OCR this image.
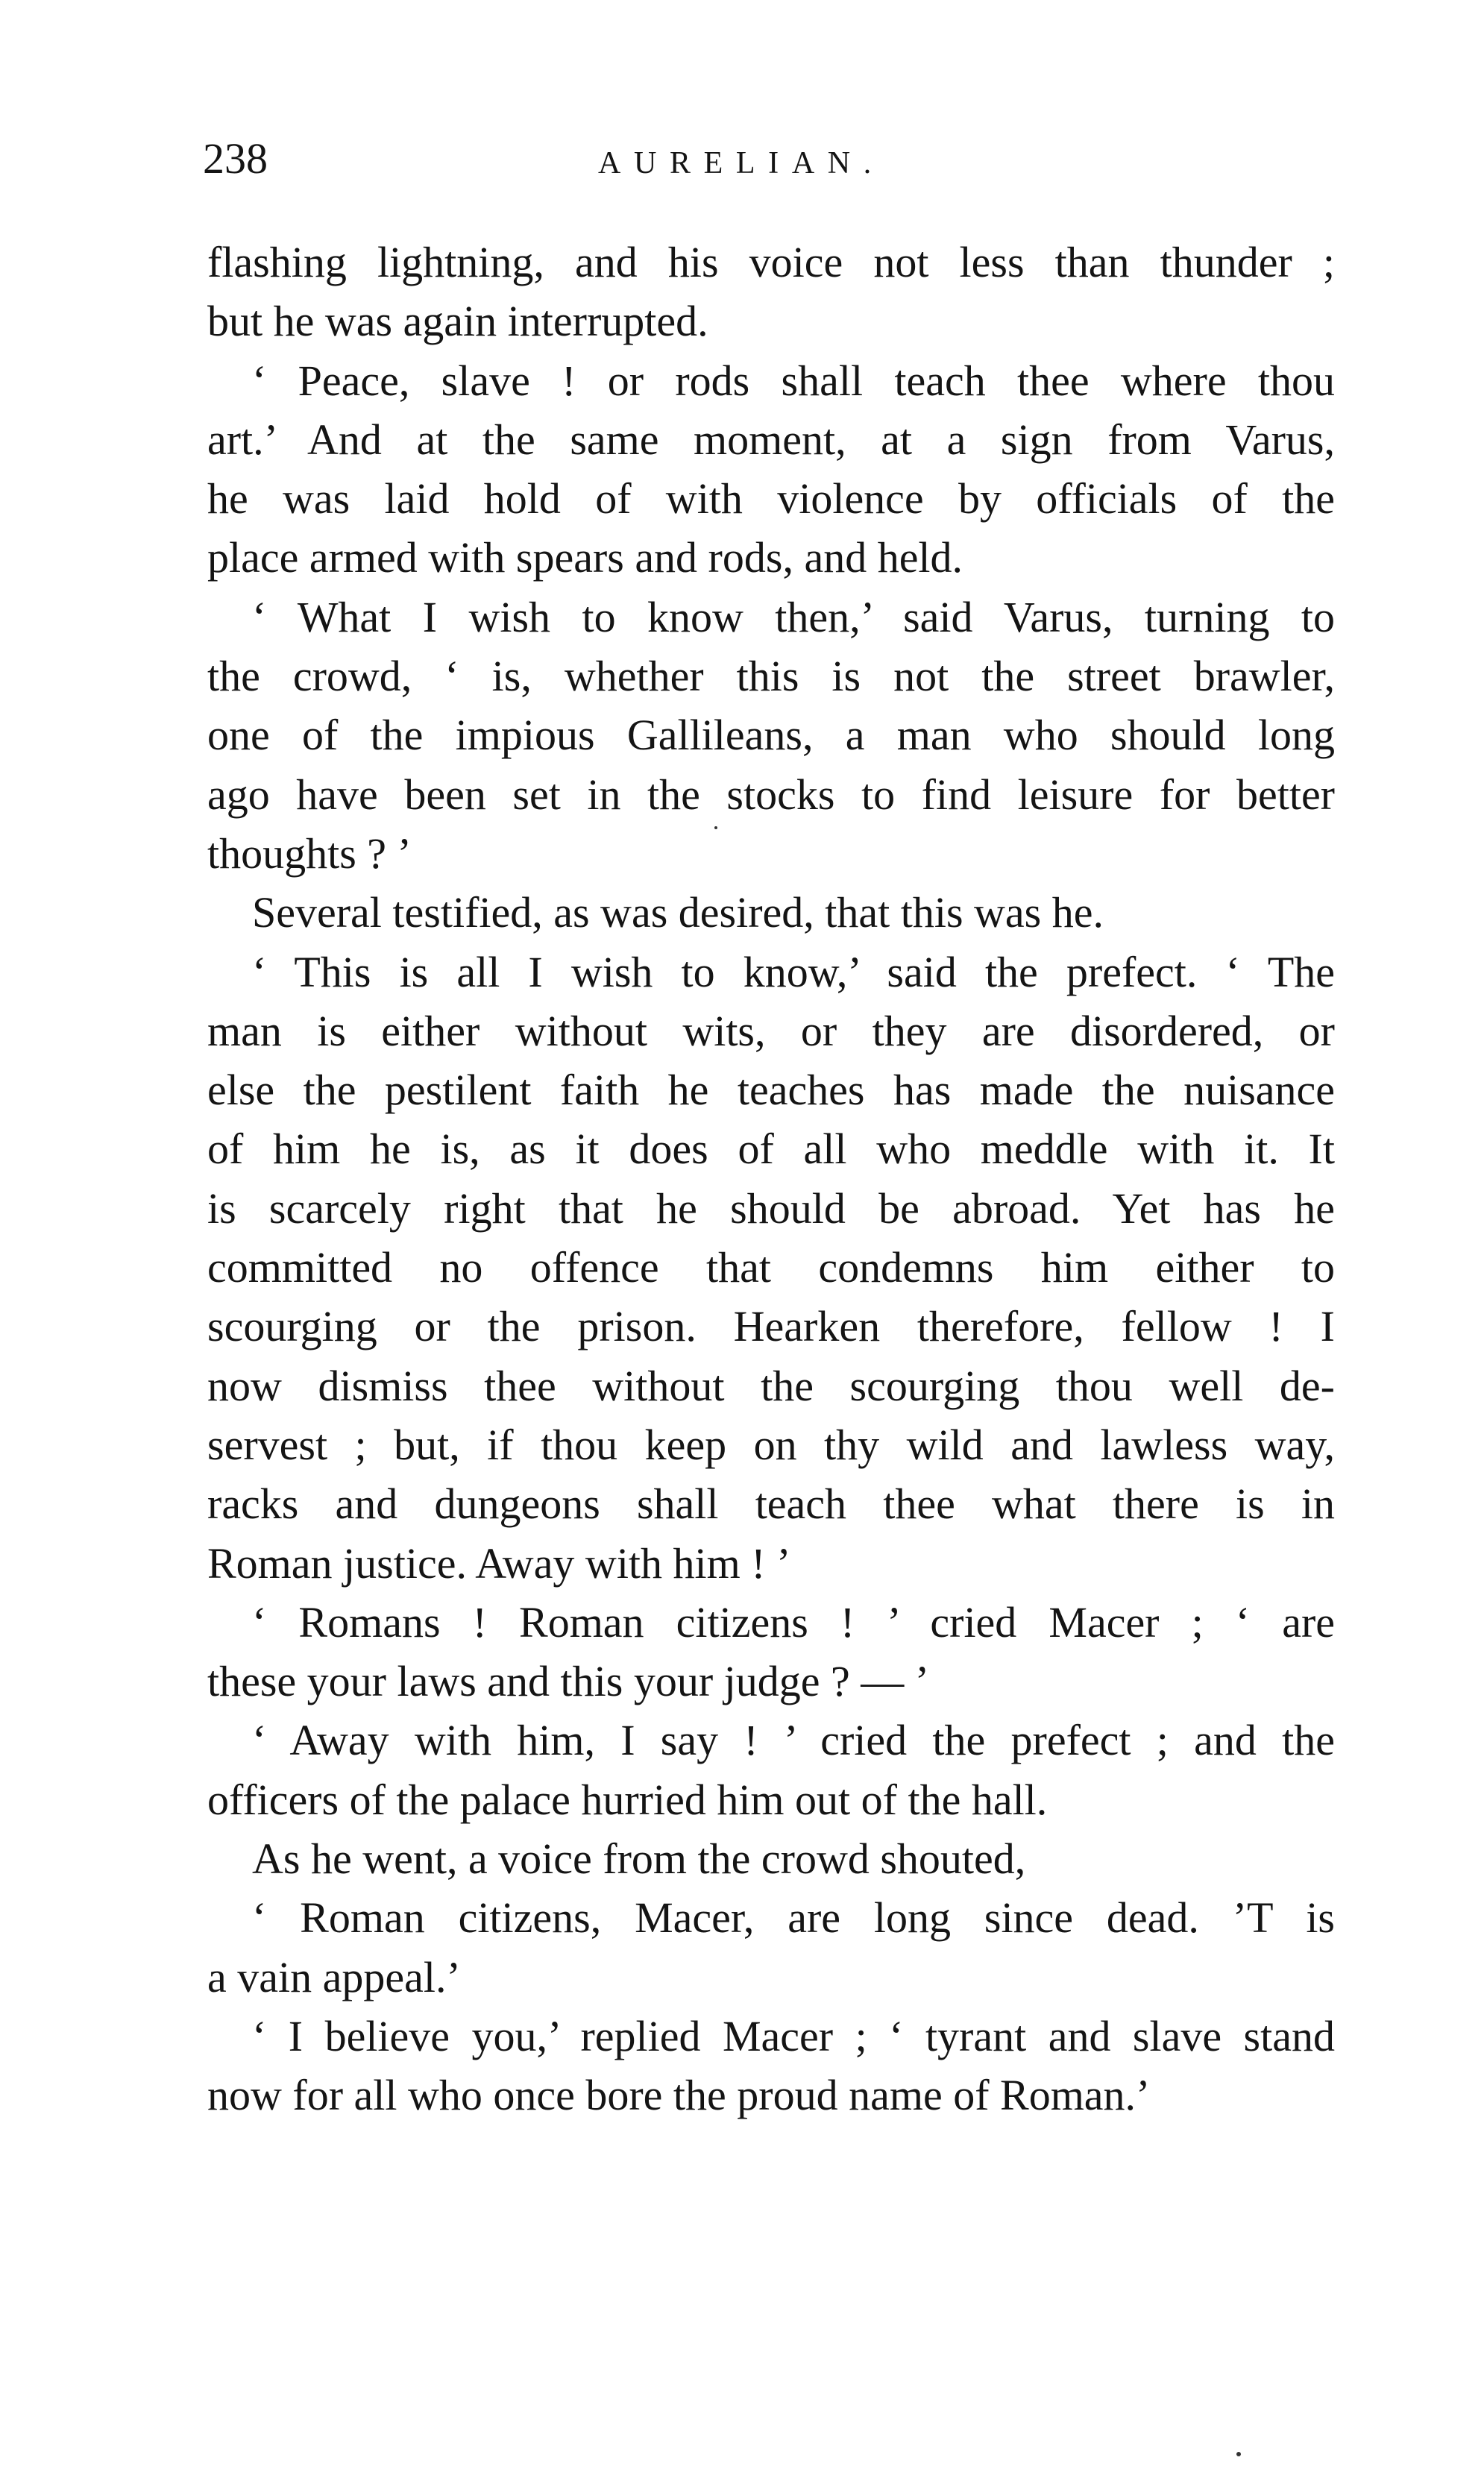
238	AURELIAN.
flashing lightning, and his voice not less than thunder ;
but he was again interrupted.
‘ Peace, slave ! or rods shall teach thee where thou
art.’ And at the same moment, at a sign from Varus,
he was laid hold of with violence by officials of the
place armed with spears and rods, and held.
‘ What I wish to know then,’ said Varus, turning to
the crowd, ‘ is, whether this is not the street brawler,
one of the impious Gallileans, a man who should long
ago have been set in the stocks to find leisure for better
thoughts ? ’
Several testified, as was desired, that this was he.
‘ This is all I wish to know,’ said the prefect. ‘ The
man is either without wits, or they are disordered, or
else the pestilent faith he teaches has made the nuisance
of him he is, as it does of all who meddle with it. It
is scarcely right that he should be abroad. Yet has he
committed no offence that condemns him either to
scourging or the prison. Hearken therefore, fellow ! I
now dismiss thee without the scourging thou well de-
servest ; but, if thou keep on thy wild and lawless way,
racks and dungeons shall teach thee what there is in
Roman justice. Away with him ! ’
‘ Romans ! Roman citizens ! ’ cried Macer ; ‘ are
these your laws and this your judge ? — ’
‘ Away with him, I say ! ’ cried the prefect ; and the
officers of the palace hurried him out of the hall.
As he went, a voice from the crowd shouted,
‘ Roman citizens, Macer, are long since dead. ’T is
a vain appeal.’
‘ I believe you,’ replied Macer ; ‘ tyrant and slave stand
now for all who once bore the proud name of Roman.’
